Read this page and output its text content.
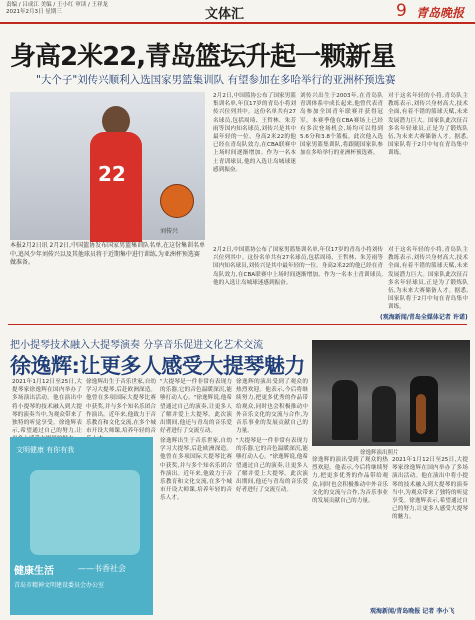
责编 / 吕成江 美编 / 王小红 审读 / 王祥龙
2021年2月3日 星期三	文体汇	9 青岛晚报
身高2米22,青岛篮坛升起一颗新星
"大个子"刘传兴顺利入选国家男篮集训队 有望参加在多哈举行的亚洲杯预选赛
22
刘传兴
本报2月2日讯 2月2日,中国篮协发布国家男篮集训队名单,在这份集训名单中,追风少年刘传兴以及其他球员将于近期集中进行训练,为亚洲杯预选赛做准备。
2月2日,中国篮协公布了国家男篮集训名单,年仅17岁的青岛小将刘传兴位列其中。这份名单共有27名球员,包括周琦、王哲林、朱芳雨等国内知名球员,刘传兴是其中最年轻的一位。身高2米22的他已经在青岛队效力,在CBA联赛中上场时间逐渐增加。作为一名本土青训球员,他的入选让岛城球迷感到振奋。
刘传兴出生于2003年,在青岛队青训体系中成长起来,他曾代表青岛参加全国青年联赛并获得冠军。本赛季他在CBA赛场上已经有多次登场机会,场均可以得到5.6分和3.8个篮板。此次他入选国家男篮集训队,将跟随国家队参加在多哈举行的亚洲杯预选赛。
对于这名年轻的小将,青岛队主教练表示,刘传兴身材高大,技术全面,有着不错的篮球天赋,未来发展潜力巨大。国家队此次征召多名年轻球员,正是为了锻炼队伍,为未来大赛储备人才。据悉,国家队将于2月中旬在青岛集中训练。
2月2日,中国篮协公布了国家男篮集训名单,年仅17岁的青岛小将刘传兴位列其中。这份名单共有27名球员,包括周琦、王哲林、朱芳雨等国内知名球员,刘传兴是其中最年轻的一位。身高2米22的他已经在青岛队效力,在CBA联赛中上场时间逐渐增加。作为一名本土青训球员,他的入选让岛城球迷感到振奋。
对于这名年轻的小将,青岛队主教练表示,刘传兴身材高大,技术全面,有着不错的篮球天赋,未来发展潜力巨大。国家队此次征召多名年轻球员,正是为了锻炼队伍,为未来大赛储备人才。据悉,国家队将于2月中旬在青岛集中训练。
(观海新闻/青岛全媒体记者 许诺)
把小提琴技术融入大提琴演奏 分享音乐促进文化艺术交流
徐逸辉:让更多人感受大提琴魅力
2021年1月12日至25日,大提琴家徐逸辉在国内举办了多场演出活动。他在演出中将小提琴的技术融入到大提琴的演奏当中,为观众带来了独特的听觉享受。徐逸辉表示,希望通过自己的努力,让
徐逸辉出生于音乐世家,自幼学习大提琴,后赴欧洲深造。他曾在多项国际大提琴比赛中获奖,并与多个知名乐团合作演出。近年来,他致力于音乐教育和文化交流,在多个城市开设大师课,培养年轻的音
"大提琴是一件非常有表现力的乐器,它的音色温暖深沉,能够打动人心。"徐逸辉说,他希望通过自己的演奏,让更多人了解并爱上大提琴。此次演出期间,他还与青岛的音乐爱好者进行了交流互动。
徐逸辉的演出受到了观众的热烈欢迎。他表示,今后将继续努力,把更多优秀的作品带给观众,同时也会积极推动中外音乐文化的交流与合作,为音乐事业的发展贡献自己的力量。
徐逸辉演出照片
文明健康 有你有我
健康生活	——书香社会
青岛市精神文明建设委员会办公室
徐逸辉出生于音乐世家,自幼学习大提琴,后赴欧洲深造。他曾在多项国际大提琴比赛中获奖,并与多个知名乐团合作演出。近年来,他致力于音乐教育和文化交流,在多个城市开设大师课,培养年轻的音乐人才。
"大提琴是一件非常有表现力的乐器,它的音色温暖深沉,能够打动人心。"徐逸辉说,他希望通过自己的演奏,让更多人了解并爱上大提琴。此次演出期间,他还与青岛的音乐爱好者进行了交流互动。
徐逸辉的演出受到了观众的热烈欢迎。他表示,今后将继续努力,把更多优秀的作品带给观众,同时也会积极推动中外音乐文化的交流与合作,为音乐事业的发展贡献自己的力量。
2021年1月12日至25日,大提琴家徐逸辉在国内举办了多场演出活动。他在演出中将小提琴的技术融入到大提琴的演奏当中,为观众带来了独特的听觉享受。徐逸辉表示,希望通过自己的努力,让更多人感受大提琴的魅力。
观海新闻/青岛晚报 记者 李小飞
